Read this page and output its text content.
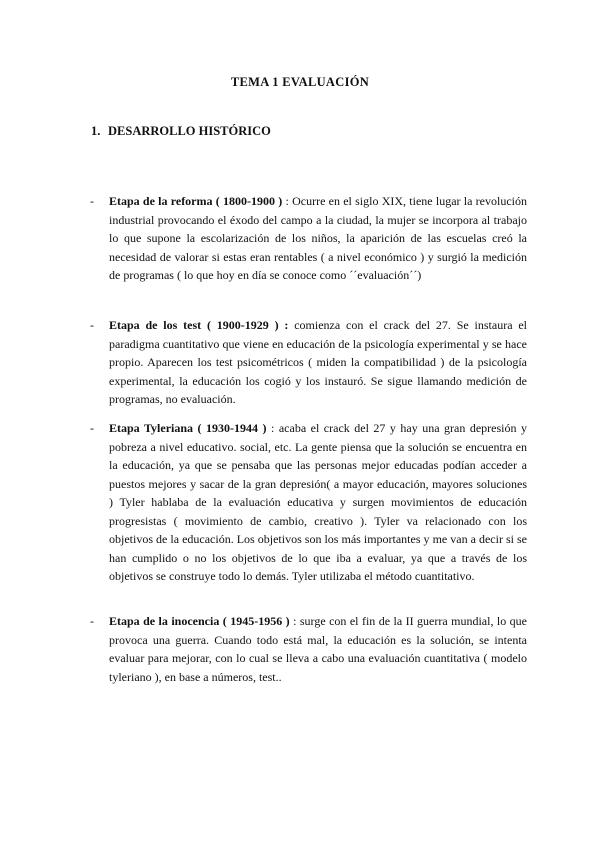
TEMA 1 EVALUACIÓN
1. DESARROLLO HISTÓRICO
-	Etapa de la reforma ( 1800-1900 ) : Ocurre en el siglo XIX, tiene lugar la revolución industrial provocando el éxodo del campo a la ciudad, la mujer se incorpora al trabajo lo que supone la escolarización de los niños, la aparición de las escuelas creó la necesidad de valorar si estas eran rentables ( a nivel económico ) y surgió la medición de programas ( lo que hoy en día se conoce como ´´evaluación´´)

-	Etapa de los test ( 1900-1929 ) : comienza con el crack del 27. Se instaura el paradigma cuantitativo que viene en educación de la psicología experimental y se hace propio. Aparecen los test psicométricos ( miden la compatibilidad ) de la psicología experimental, la educación los cogió y los instauró. Se sigue llamando medición de programas, no evaluación.

-	Etapa Tyleriana ( 1930-1944 ) : acaba el crack del 27 y hay una gran depresión y pobreza a nivel educativo. social, etc. La gente piensa que la solución se encuentra en la educación, ya que se pensaba que las personas mejor educadas podían acceder a puestos mejores y sacar de la gran depresión( a mayor educación, mayores soluciones ) Tyler hablaba de la evaluación educativa y surgen movimientos de educación progresistas ( movimiento de cambio, creativo ). Tyler va relacionado con los objetivos de la educación. Los objetivos son los más importantes y me van a decir si se han cumplido o no los objetivos de lo que iba a evaluar, ya que a través de los objetivos se construye todo lo demás. Tyler utilizaba el método cuantitativo.

-	Etapa de la inocencia ( 1945-1956 ) : surge con el fin de la II guerra mundial, lo que provoca una guerra. Cuando todo está mal, la educación es la solución, se intenta evaluar para mejorar, con lo cual se lleva a cabo una evaluación cuantitativa ( modelo tyleriano ), en base a números, test..
